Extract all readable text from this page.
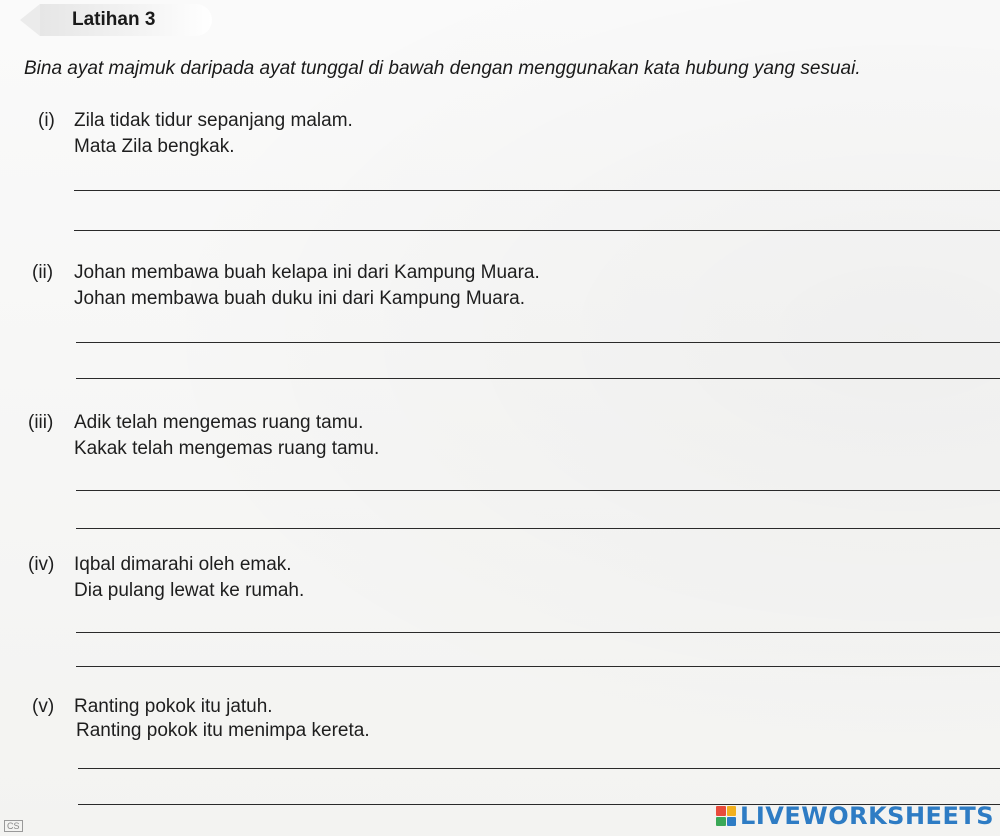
Latihan 3
Bina ayat majmuk daripada ayat tunggal di bawah dengan menggunakan kata hubung yang sesuai.
(i) Zila tidak tidur sepanjang malam.
Mata Zila bengkak.
(ii) Johan membawa buah kelapa ini dari Kampung Muara.
Johan membawa buah duku ini dari Kampung Muara.
(iii) Adik telah mengemas ruang tamu.
Kakak telah mengemas ruang tamu.
(iv) Iqbal dimarahi oleh emak.
Dia pulang lewat ke rumah.
(v) Ranting pokok itu jatuh.
Ranting pokok itu menimpa kereta.
CS	LIVEWORKSHEETS
